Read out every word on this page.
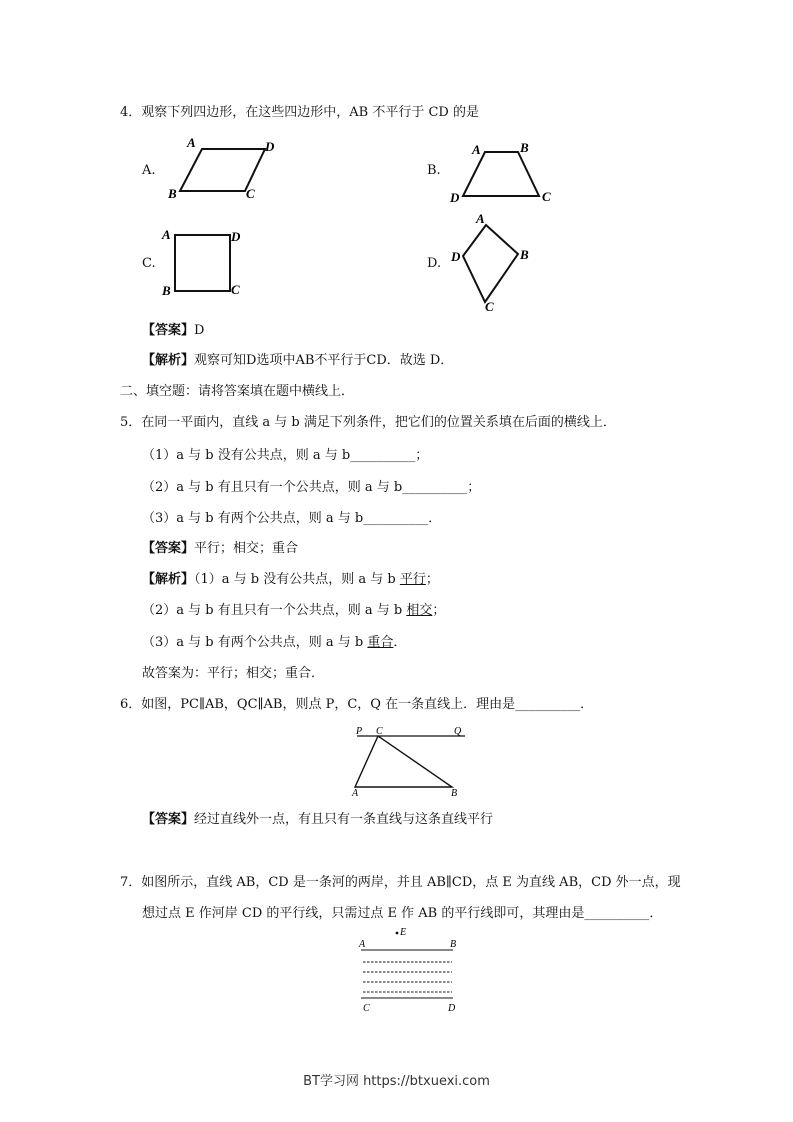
4．观察下列四边形，在这些四边形中，AB 不平行于 CD 的是
A.
A	D
B	C
B.
A	B
D	C
C.
A	D
B	C
D.
A
B
D
C
【答案】D
【解析】观察可知D选项中AB不平行于CD．故选 D．
二、填空题：请将答案填在题中横线上．
5．在同一平面内，直线 a 与 b 满足下列条件，把它们的位置关系填在后面的横线上．
（1）a 与 b 没有公共点，则 a 与 b__________；
（2）a 与 b 有且只有一个公共点，则 a 与 b__________；
（3）a 与 b 有两个公共点，则 a 与 b__________．
【答案】平行；相交；重合
【解析】（1）a 与 b 没有公共点，则 a 与 b 平行；
（2）a 与 b 有且只有一个公共点，则 a 与 b 相交；
（3）a 与 b 有两个公共点，则 a 与 b 重合．
故答案为：平行；相交；重合．
6．如图，PC∥AB，QC∥AB，则点 P，C，Q 在一条直线上．理由是__________．
P C	Q
A	B
【答案】经过直线外一点，有且只有一条直线与这条直线平行
7．如图所示，直线 AB，CD 是一条河的两岸，并且 AB∥CD，点 E 为直线 AB，CD 外一点，现
想过点 E 作河岸 CD 的平行线，只需过点 E 作 AB 的平行线即可，其理由是__________．
E
A	B
C	D
BT学习网 https://btxuexi.com
